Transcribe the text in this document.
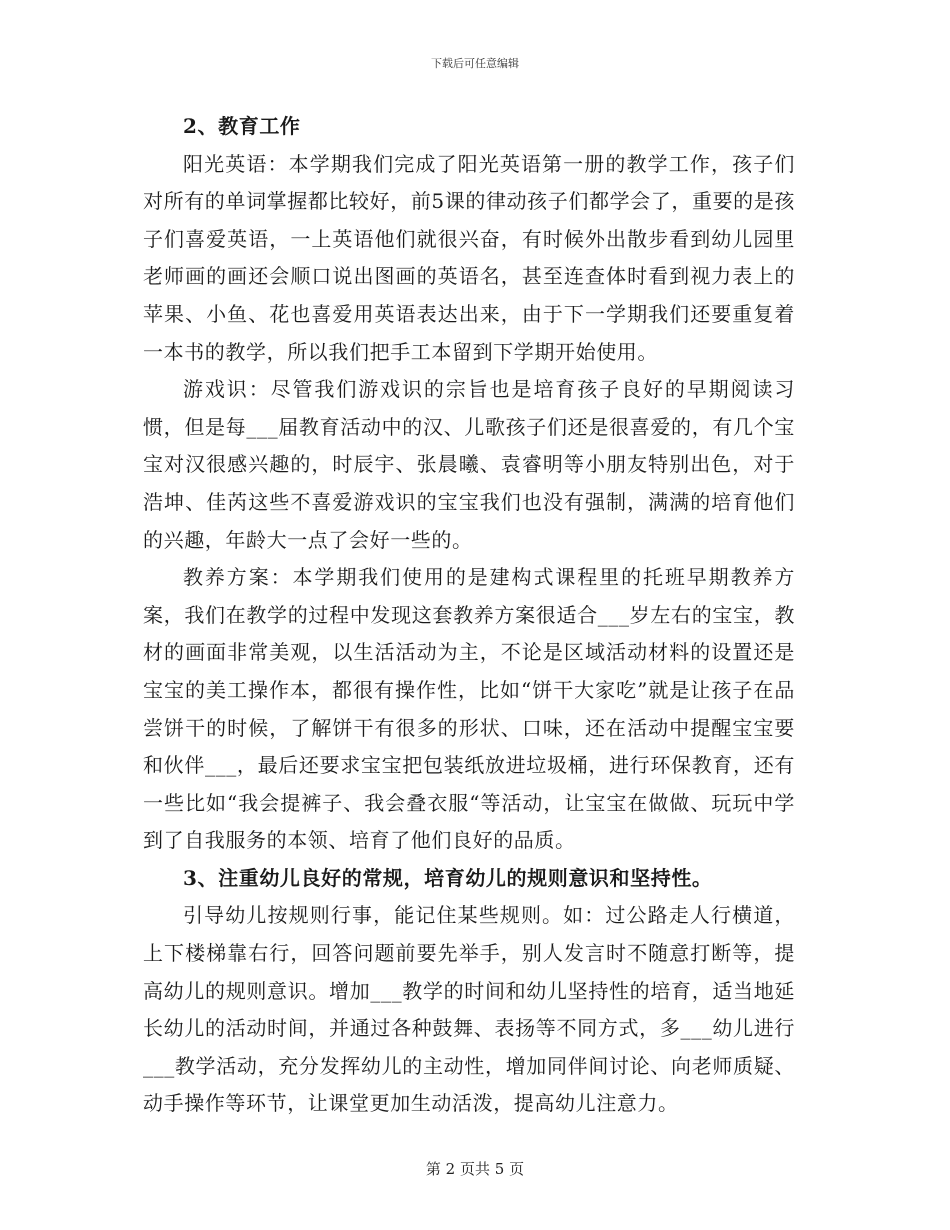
下载后可任意编辑
2、教育工作

阳光英语：本学期我们完成了阳光英语第一册的教学工作，孩子们对所有的单词掌握都比较好，前5课的律动孩子们都学会了，重要的是孩子们喜爱英语，一上英语他们就很兴奋，有时候外出散步看到幼儿园里老师画的画还会顺口说出图画的英语名，甚至连查体时看到视力表上的苹果、小鱼、花也喜爱用英语表达出来，由于下一学期我们还要重复着一本书的教学，所以我们把手工本留到下学期开始使用。

游戏识：尽管我们游戏识的宗旨也是培育孩子良好的早期阅读习惯，但是每___届教育活动中的汉、儿歌孩子们还是很喜爱的，有几个宝宝对汉很感兴趣的，时辰宇、张晨曦、袁睿明等小朋友特别出色，对于浩坤、佳芮这些不喜爱游戏识的宝宝我们也没有强制，满满的培育他们的兴趣，年龄大一点了会好一些的。

教养方案：本学期我们使用的是建构式课程里的托班早期教养方案，我们在教学的过程中发现这套教养方案很适合___岁左右的宝宝，教材的画面非常美观，以生活活动为主，不论是区域活动材料的设置还是宝宝的美工操作本，都很有操作性，比如“饼干大家吃”就是让孩子在品尝饼干的时候，了解饼干有很多的形状、口味，还在活动中提醒宝宝要和伙伴___，最后还要求宝宝把包装纸放进垃圾桶，进行环保教育，还有一些比如“我会提裤子、我会叠衣服“等活动，让宝宝在做做、玩玩中学到了自我服务的本领、培育了他们良好的品质。

3、注重幼儿良好的常规，培育幼儿的规则意识和坚持性。

引导幼儿按规则行事，能记住某些规则。如：过公路走人行横道，上下楼梯靠右行，回答问题前要先举手，别人发言时不随意打断等，提高幼儿的规则意识。增加___教学的时间和幼儿坚持性的培育，适当地延长幼儿的活动时间，并通过各种鼓舞、表扬等不同方式，多___幼儿进行___教学活动，充分发挥幼儿的主动性，增加同伴间讨论、向老师质疑、动手操作等环节，让课堂更加生动活泼，提高幼儿注意力。

第 2 页共 5 页
